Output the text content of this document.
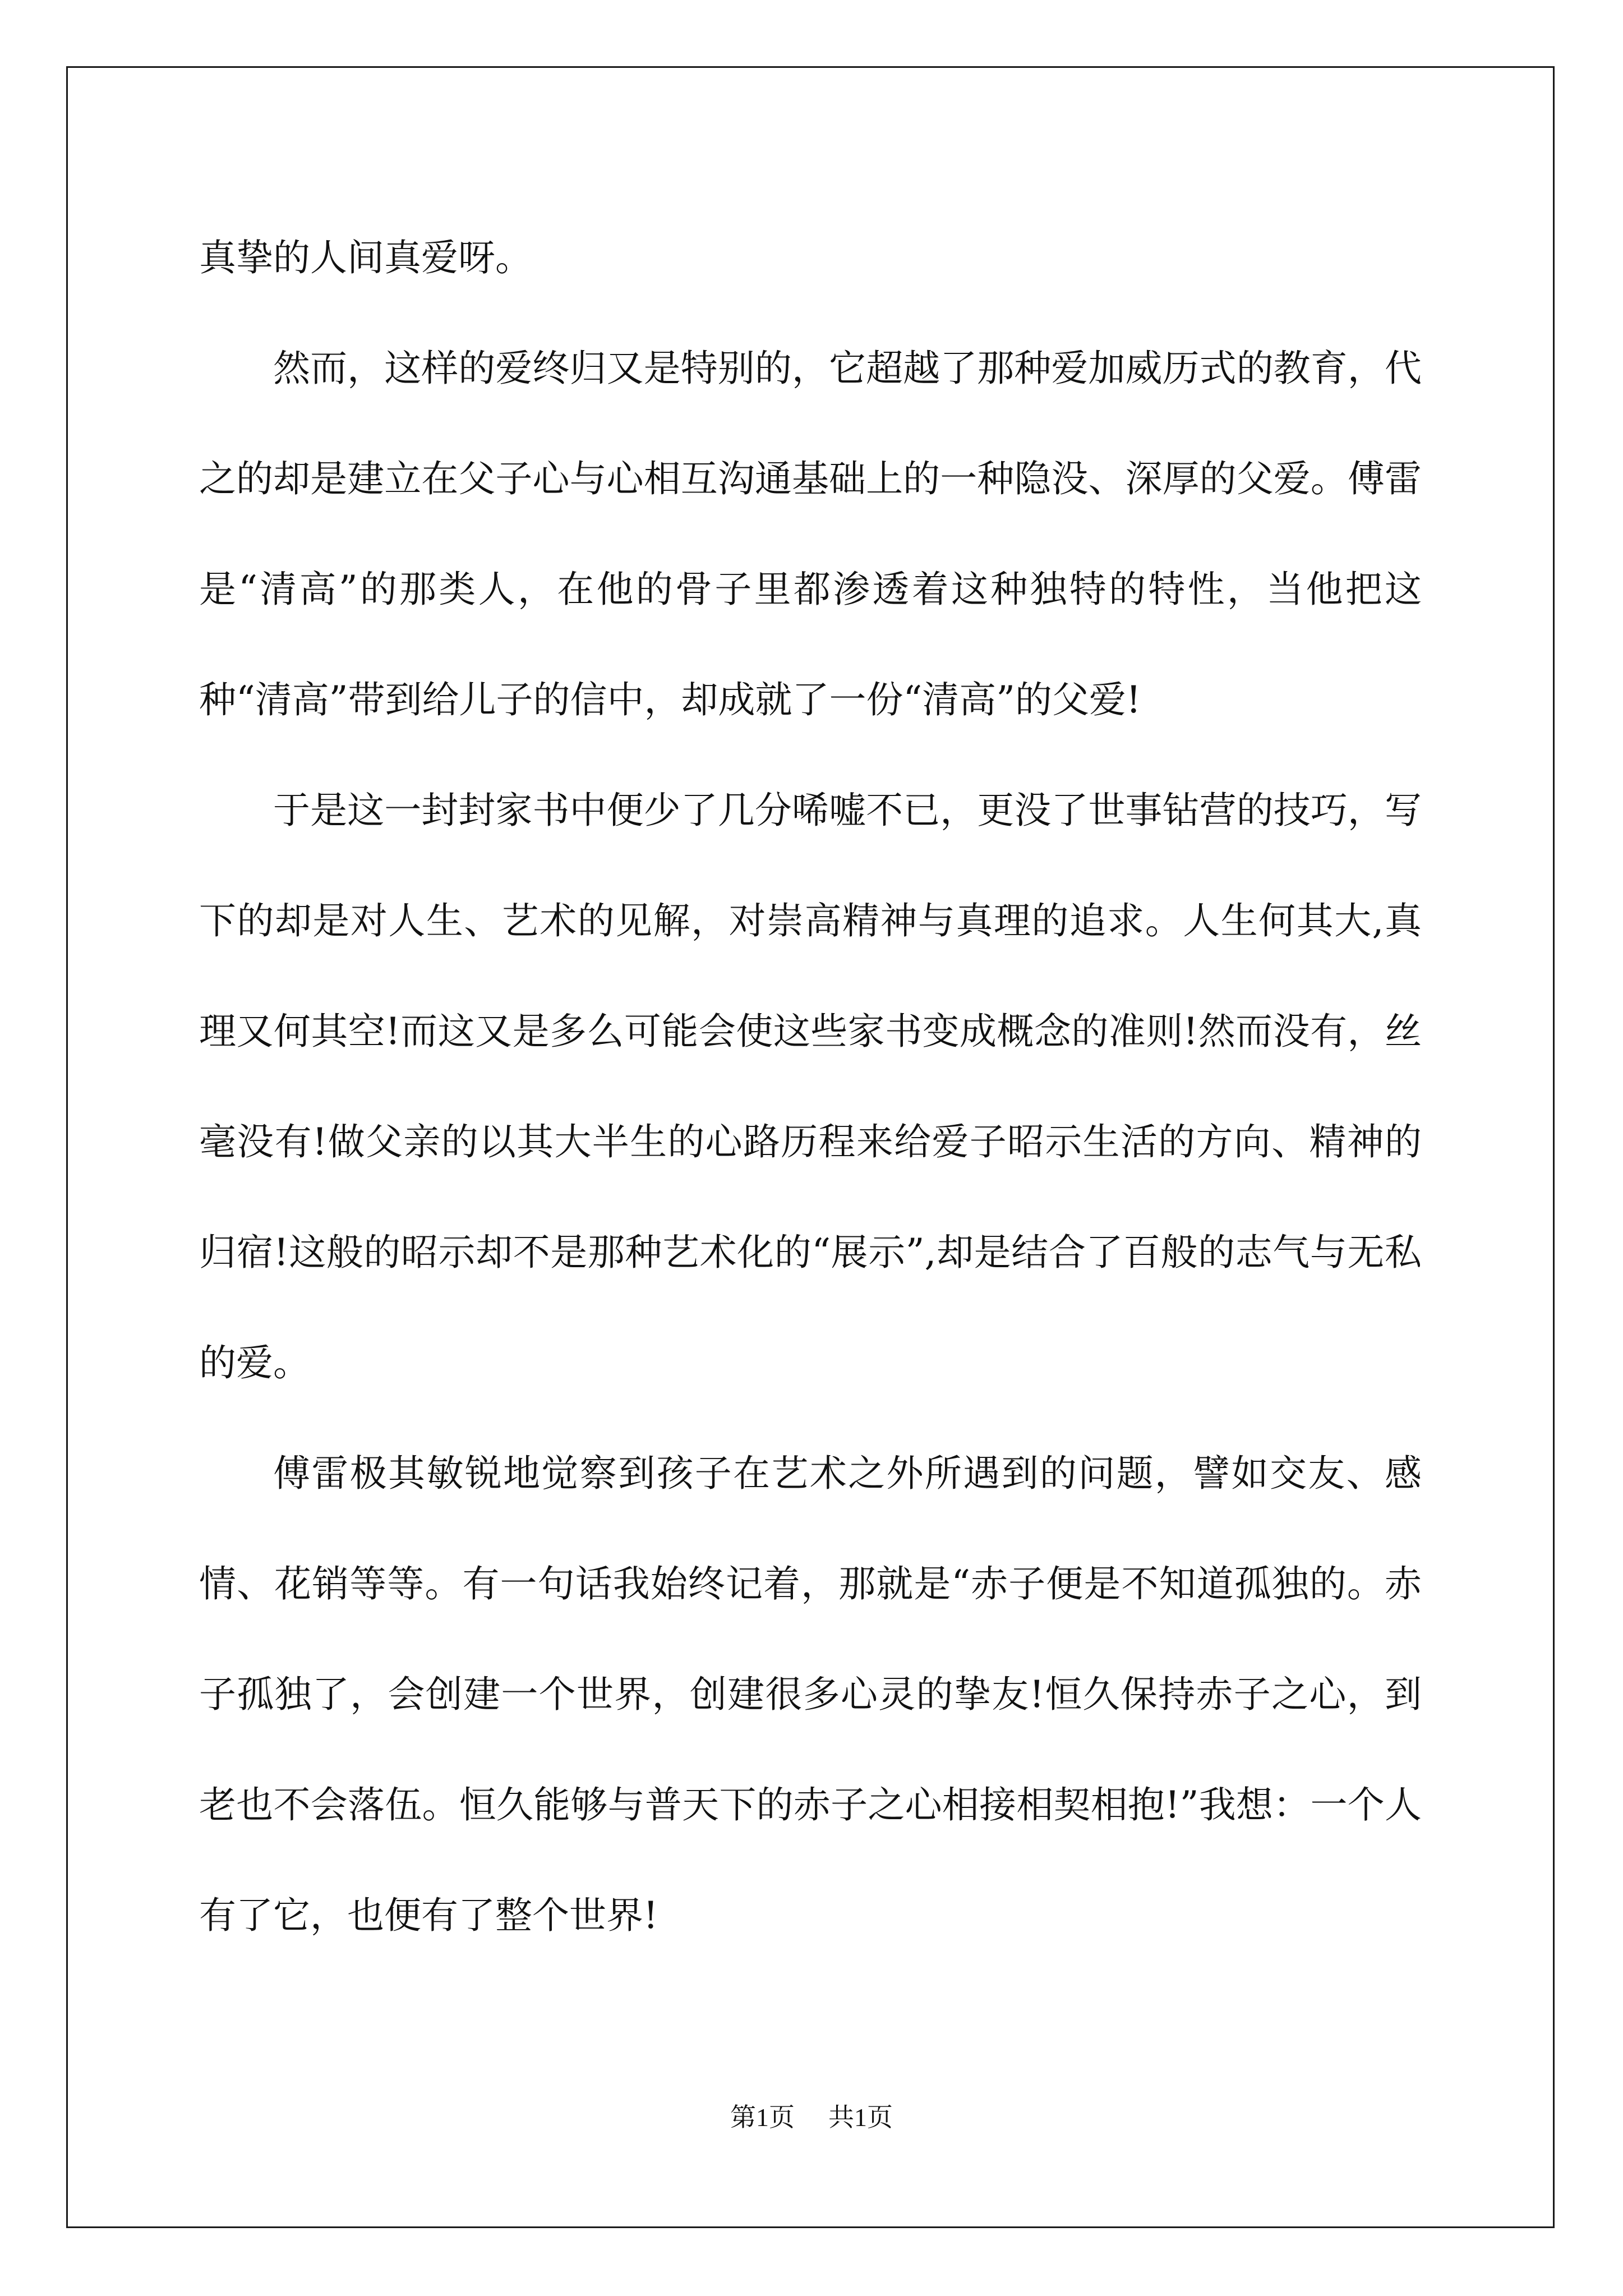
真挚的人间真爱呀。

然而，这样的爱终归又是特别的，它超越了那种爱加威历式的教育，代之的却是建立在父子心与心相互沟通基础上的一种隐没、深厚的父爱。傅雷是“清高”的那类人，在他的骨子里都渗透着这种独特的特性，当他把这种“清高”带到给儿子的信中，却成就了一份“清高”的父爱!

于是这一封封家书中便少了几分唏嘘不已，更没了世事钻营的技巧，写下的却是对人生、艺术的见解，对崇高精神与真理的追求。人生何其大,真理又何其空!而这又是多么可能会使这些家书变成概念的准则!然而没有，丝毫没有!做父亲的以其大半生的心路历程来给爱子昭示生活的方向、精神的归宿!这般的昭示却不是那种艺术化的“展示”,却是结合了百般的志气与无私的爱。

傅雷极其敏锐地觉察到孩子在艺术之外所遇到的问题，譬如交友、感情、花销等等。有一句话我始终记着，那就是“赤子便是不知道孤独的。赤子孤独了，会创建一个世界，创建很多心灵的挚友!恒久保持赤子之心，到老也不会落伍。恒久能够与普天下的赤子之心相接相契相抱!”我想：一个人有了它，也便有了整个世界!

第1页 共1页
